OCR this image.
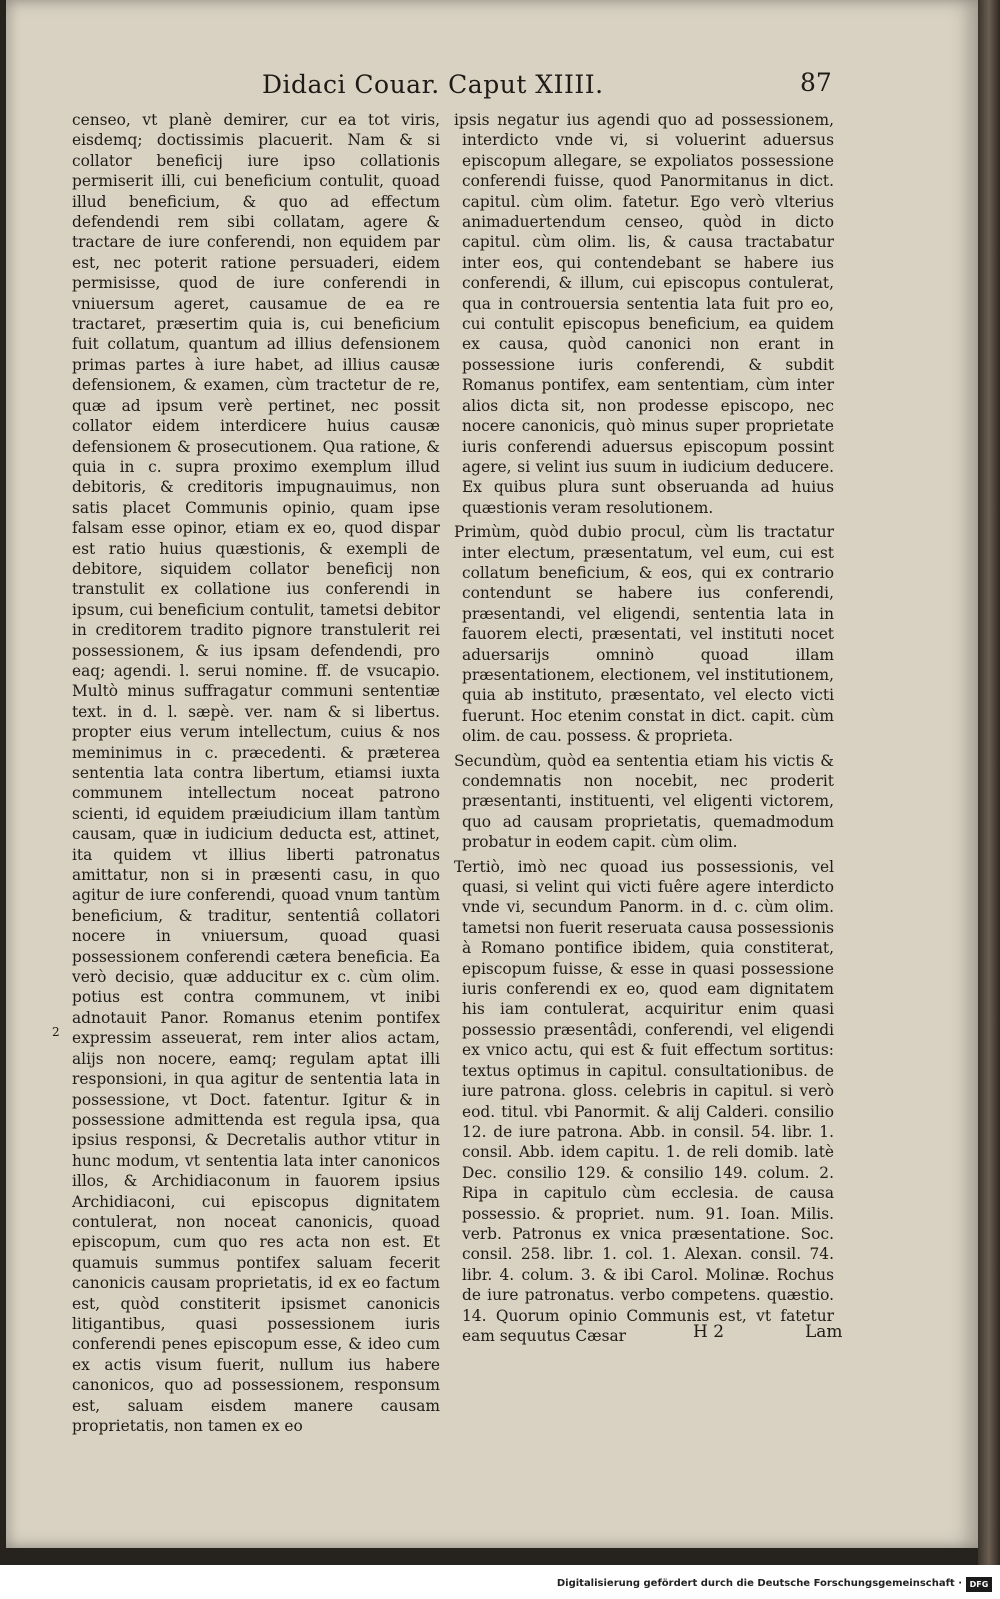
Didaci Couar. Caput XIIII.	87

censeo, vt planè demirer, cur ea tot viris, eisdemq; doctissimis placuerit. Nam & si collator beneficij iure ipso collationis permiserit illi, cui beneficium contulit, quoad illud beneficium, & quo ad effectum defendendi rem sibi collatam, agere & tractare de iure conferendi, non equidem par est, nec poterit ratione persuaderi, eidem permisisse, quod de iure conferendi in vniuersum ageret, causamue de ea re tractaret, præsertim quia is, cui beneficium fuit collatum, quantum ad illius defensionem primas partes à iure habet, ad illius causæ defensionem, & examen, cùm tractetur de re, quæ ad ipsum verè pertinet, nec possit collator eidem interdicere huius causæ defensionem & prosecutionem. Qua ratione, & quia in c. supra proximo exemplum illud debitoris, & creditoris impugnauimus, non satis placet Communis opinio, quam ipse falsam esse opinor, etiam ex eo, quod dispar est ratio huius quæstionis, & exempli de debitore, siquidem collator beneficij non transtulit ex collatione ius conferendi in ipsum, cui beneficium contulit, tametsi debitor in creditorem tradito pignore transtulerit rei possessionem, & ius ipsam defendendi, pro eaq; agendi. l. serui nomine. ff. de vsucapio. Multò minus suffragatur communi sententiæ text. in d. l. sæpè. ver. nam & si libertus. propter eius verum intellectum, cuius & nos meminimus in c. præcedenti. & præterea sententia lata contra libertum, etiamsi iuxta communem intellectum noceat patrono scienti, id equidem præiudicium illam tantùm causam, quæ in iudicium deducta est, attinet, ita quidem vt illius liberti patronatus amittatur, non si in præsenti casu, in quo agitur de iure conferendi, quoad vnum tantùm beneficium, & traditur, sententiâ collatori nocere in vniuersum, quoad quasi possessionem conferendi cætera beneficia. Ea verò decisio, quæ adducitur ex c. cùm olim. potius est contra communem, vt inibi adnotauit Panor. Romanus etenim pontifex expressim asseuerat, rem inter alios actam, alijs non nocere, eamq; regulam aptat illi responsioni, in qua agitur de sententia lata in possessione, vt Doct. fatentur. Igitur & in possessione admittenda est regula ipsa, qua ipsius responsi, & Decretalis author vtitur in hunc modum, vt sententia lata inter canonicos illos, & Archidiaconum in fauorem ipsius Archidiaconi, cui episcopus dignitatem contulerat, non noceat canonicis, quoad episcopum, cum quo res acta non est. Et quamuis summus pontifex saluam fecerit canonicis causam proprietatis, id ex eo factum est, quòd constiterit ipsismet canonicis litigantibus, quasi possessionem iuris conferendi penes episcopum esse, & ideo cum ex actis visum fuerit, nullum ius habere canonicos, quo ad possessionem, responsum est, saluam eisdem manere causam proprietatis, non tamen ex eo

2

ipsis negatur ius agendi quo ad possessionem, interdicto vnde vi, si voluerint aduersus episcopum allegare, se expoliatos possessione conferendi fuisse, quod Panormitanus in dict. capitul. cùm olim. fatetur. Ego verò vlterius animaduertendum censeo, quòd in dicto capitul. cùm olim. lis, & causa tractabatur inter eos, qui contendebant se habere ius conferendi, & illum, cui episcopus contulerat, qua in controuersia sententia lata fuit pro eo, cui contulit episcopus beneficium, ea quidem ex causa, quòd canonici non erant in possessione iuris conferendi, & subdit Romanus pontifex, eam sententiam, cùm inter alios dicta sit, non prodesse episcopo, nec nocere canonicis, quò minus super proprietate iuris conferendi aduersus episcopum possint agere, si velint ius suum in iudicium deducere. Ex quibus plura sunt obseruanda ad huius quæstionis veram resolutionem.

Primùm, quòd dubio procul, cùm lis tractatur inter electum, præsentatum, vel eum, cui est collatum beneficium, & eos, qui ex contrario contendunt se habere ius conferendi, præsentandi, vel eligendi, sententia lata in fauorem electi, præsentati, vel instituti nocet aduersarijs omninò quoad illam præsentationem, electionem, vel institutionem, quia ab instituto, præsentato, vel electo victi fuerunt. Hoc etenim constat in dict. capit. cùm olim. de cau. possess. & proprieta.

Secundùm, quòd ea sententia etiam his victis & condemnatis non nocebit, nec proderit præsentanti, instituenti, vel eligenti victorem, quo ad causam proprietatis, quemadmodum probatur in eodem capit. cùm olim.

Tertiò, imò nec quoad ius possessionis, vel quasi, si velint qui victi fuêre agere interdicto vnde vi, secundum Panorm. in d. c. cùm olim. tametsi non fuerit reseruata causa possessionis à Romano pontifice ibidem, quia constiterat, episcopum fuisse, & esse in quasi possessione iuris conferendi ex eo, quod eam dignitatem his iam contulerat, acquiritur enim quasi possessio præsentâdi, conferendi, vel eligendi ex vnico actu, qui est & fuit effectum sortitus: textus optimus in capitul. consultationibus. de iure patrona. gloss. celebris in capitul. si verò eod. titul. vbi Panormit. & alij Calderi. consilio 12. de iure patrona. Abb. in consil. 54. libr. 1. consil. Abb. idem capitu. 1. de reli domib. latè Dec. consilio 129. & consilio 149. colum. 2. Ripa in capitulo cùm ecclesia. de causa possessio. & propriet. num. 91. Ioan. Milis. verb. Patronus ex vnica præsentatione. Soc. consil. 258. libr. 1. col. 1. Alexan. consil. 74. libr. 4. colum. 3. & ibi Carol. Molinæ. Rochus de iure patronatus. verbo competens. quæstio. 14. Quorum opinio Communis est, vt fatetur eam sequutus Cæsar	H 2	Lam
Digitalisierung gefördert durch die Deutsche Forschungsgemeinschaft · DFG
